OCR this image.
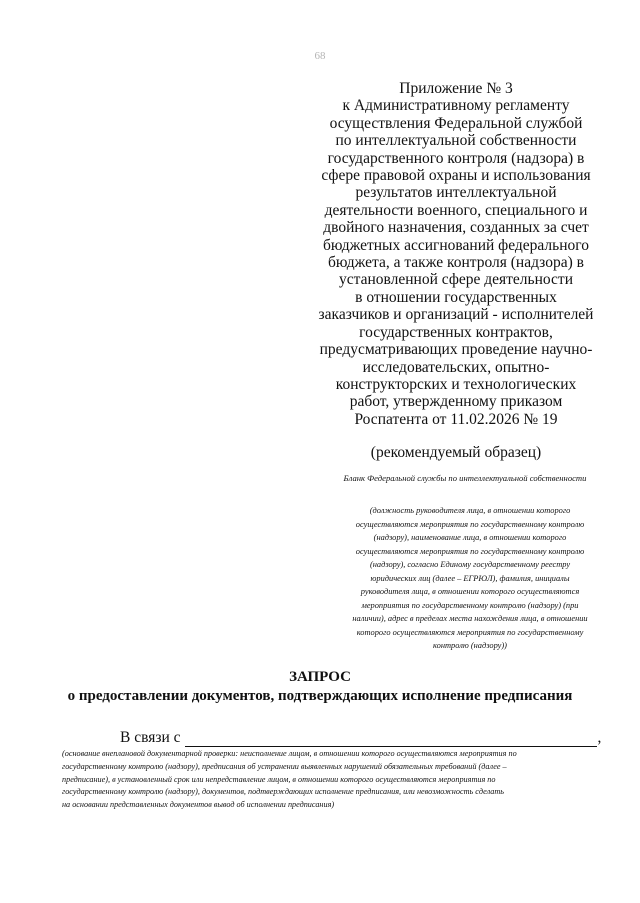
68
Приложение № 3
к Административному регламенту
осуществления Федеральной службой
по интеллектуальной собственности
государственного контроля (надзора) в
сфере правовой охраны и использования
результатов интеллектуальной
деятельности военного, специального и
двойного назначения, созданных за счет
бюджетных ассигнований федерального
бюджета, а также контроля (надзора) в
установленной сфере деятельности
в отношении государственных
заказчиков и организаций - исполнителей
государственных контрактов,
предусматривающих проведение научно-
исследовательских, опытно-
конструкторских и технологических
работ, утвержденному приказом
Роспатента от 11.02.2026 № 19
(рекомендуемый образец)
Бланк Федеральной службы по интеллектуальной собственности
(должность руководителя лица, в отношении которого
осуществляются мероприятия по государственному контролю
(надзору), наименование лица, в отношении которого
осуществляются мероприятия по государственному контролю
(надзору), согласно Единому государственному реестру
юридических лиц (далее – ЕГРЮЛ), фамилия, инициалы
руководителя лица, в отношении которого осуществляются
мероприятия по государственному контролю (надзору) (при
наличии), адрес в пределах места нахождения лица, в отношении
которого осуществляются мероприятия по государственному
контролю (надзору))
ЗАПРОС
о предоставлении документов, подтверждающих исполнение предписания
В связи с	,
(основание внеплановой документарной проверки: неисполнение лицом, в отношении которого осуществляются мероприятия по
государственному контролю (надзору), предписания об устранении выявленных нарушений обязательных требований (далее –
предписание), в установленный срок или непредставление лицом, в отношении которого осуществляются мероприятия по
государственному контролю (надзору), документов, подтверждающих исполнение предписания, или невозможность сделать
на основании представленных документов вывод об исполнении предписания)
